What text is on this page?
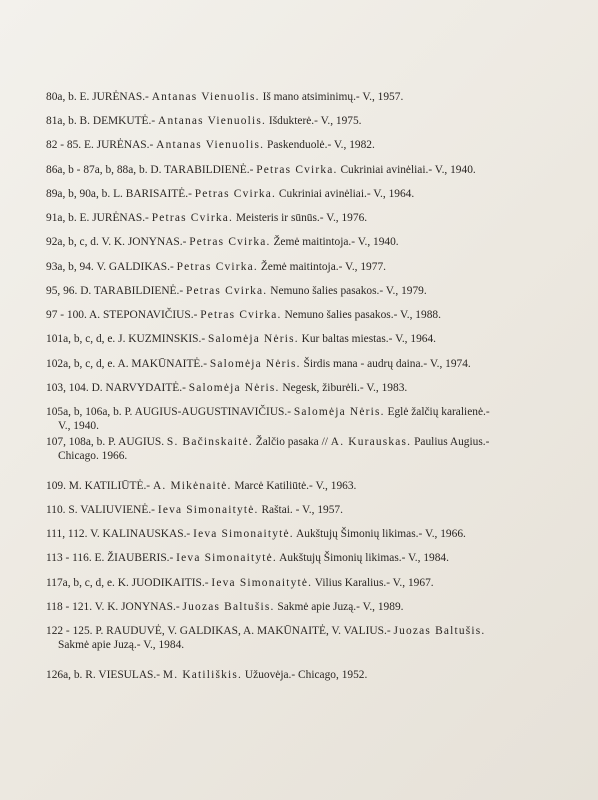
80a, b. E. JURĖNAS.- Antanas Vienuolis. Iš mano atsiminimų.- V., 1957.
81a, b. B. DEMKUTĖ.- Antanas Vienuolis. Išdukterė.- V., 1975.
82 - 85. E. JURĖNAS.- Antanas Vienuolis. Paskenduolė.- V., 1982.
86a, b - 87a, b, 88a, b. D. TARABILDIENĖ.- Petras Cvirka. Cukriniai avinėliai.- V., 1940.
89a, b, 90a, b. L. BARISAITĖ.- Petras Cvirka. Cukriniai avinėliai.- V., 1964.
91a, b. E. JURĖNAS.- Petras Cvirka. Meisteris ir sūnūs.- V., 1976.
92a, b, c, d. V. K. JONYNAS.- Petras Cvirka. Žemė maitintoja.- V., 1940.
93a, b, 94. V. GALDIKAS.- Petras Cvirka. Žemė maitintoja.- V., 1977.
95, 96. D. TARABILDIENĖ.- Petras Cvirka. Nemuno šalies pasakos.- V., 1979.
97 - 100. A. STEPONAVIČIUS.- Petras Cvirka. Nemuno šalies pasakos.- V., 1988.
101a, b, c, d, e. J. KUZMINSKIS.- Salomėja Nėris. Kur baltas miestas.- V., 1964.
102a, b, c, d, e. A. MAKŪNAITĖ.- Salomėja Nėris. Širdis mana - audrų daina.- V., 1974.
103, 104. D. NARVYDAITĖ.- Salomėja Nėris. Negesk, žiburėli.- V., 1983.
105a, b, 106a, b. P. AUGIUS-AUGUSTINAVIČIUS.- Salomėja Nėris. Eglė žalčių karalienė.-
V., 1940.
107, 108a, b. P. AUGIUS. S. Bačinskaitė. Žalčio pasaka // A. Kurauskas. Paulius Augius.-
Chicago. 1966.
109. M. KATILIŪTĖ.- A. Mikėnaitė. Marcė Katiliūtė.- V., 1963.
110. S. VALIUVIENĖ.- Ieva Simonaitytė. Raštai. - V., 1957.
111, 112. V. KALINAUSKAS.- Ieva Simonaitytė. Aukštujų Šimonių likimas.- V., 1966.
113 - 116. E. ŽIAUBERIS.- Ieva Simonaitytė. Aukštujų Šimonių likimas.- V., 1984.
117a, b, c, d, e. K. JUODIKAITIS.- Ieva Simonaitytė. Vilius Karalius.- V., 1967.
118 - 121. V. K. JONYNAS.- Juozas Baltušis. Sakmė apie Juzą.- V., 1989.
122 - 125. P. RAUDUVĖ, V. GALDIKAS, A. MAKŪNAITĖ, V. VALIUS.- Juozas Baltušis.
Sakmė apie Juzą.- V., 1984.
126a, b. R. VIESULAS.- M. Katiliškis. Užuovėja.- Chicago, 1952.
